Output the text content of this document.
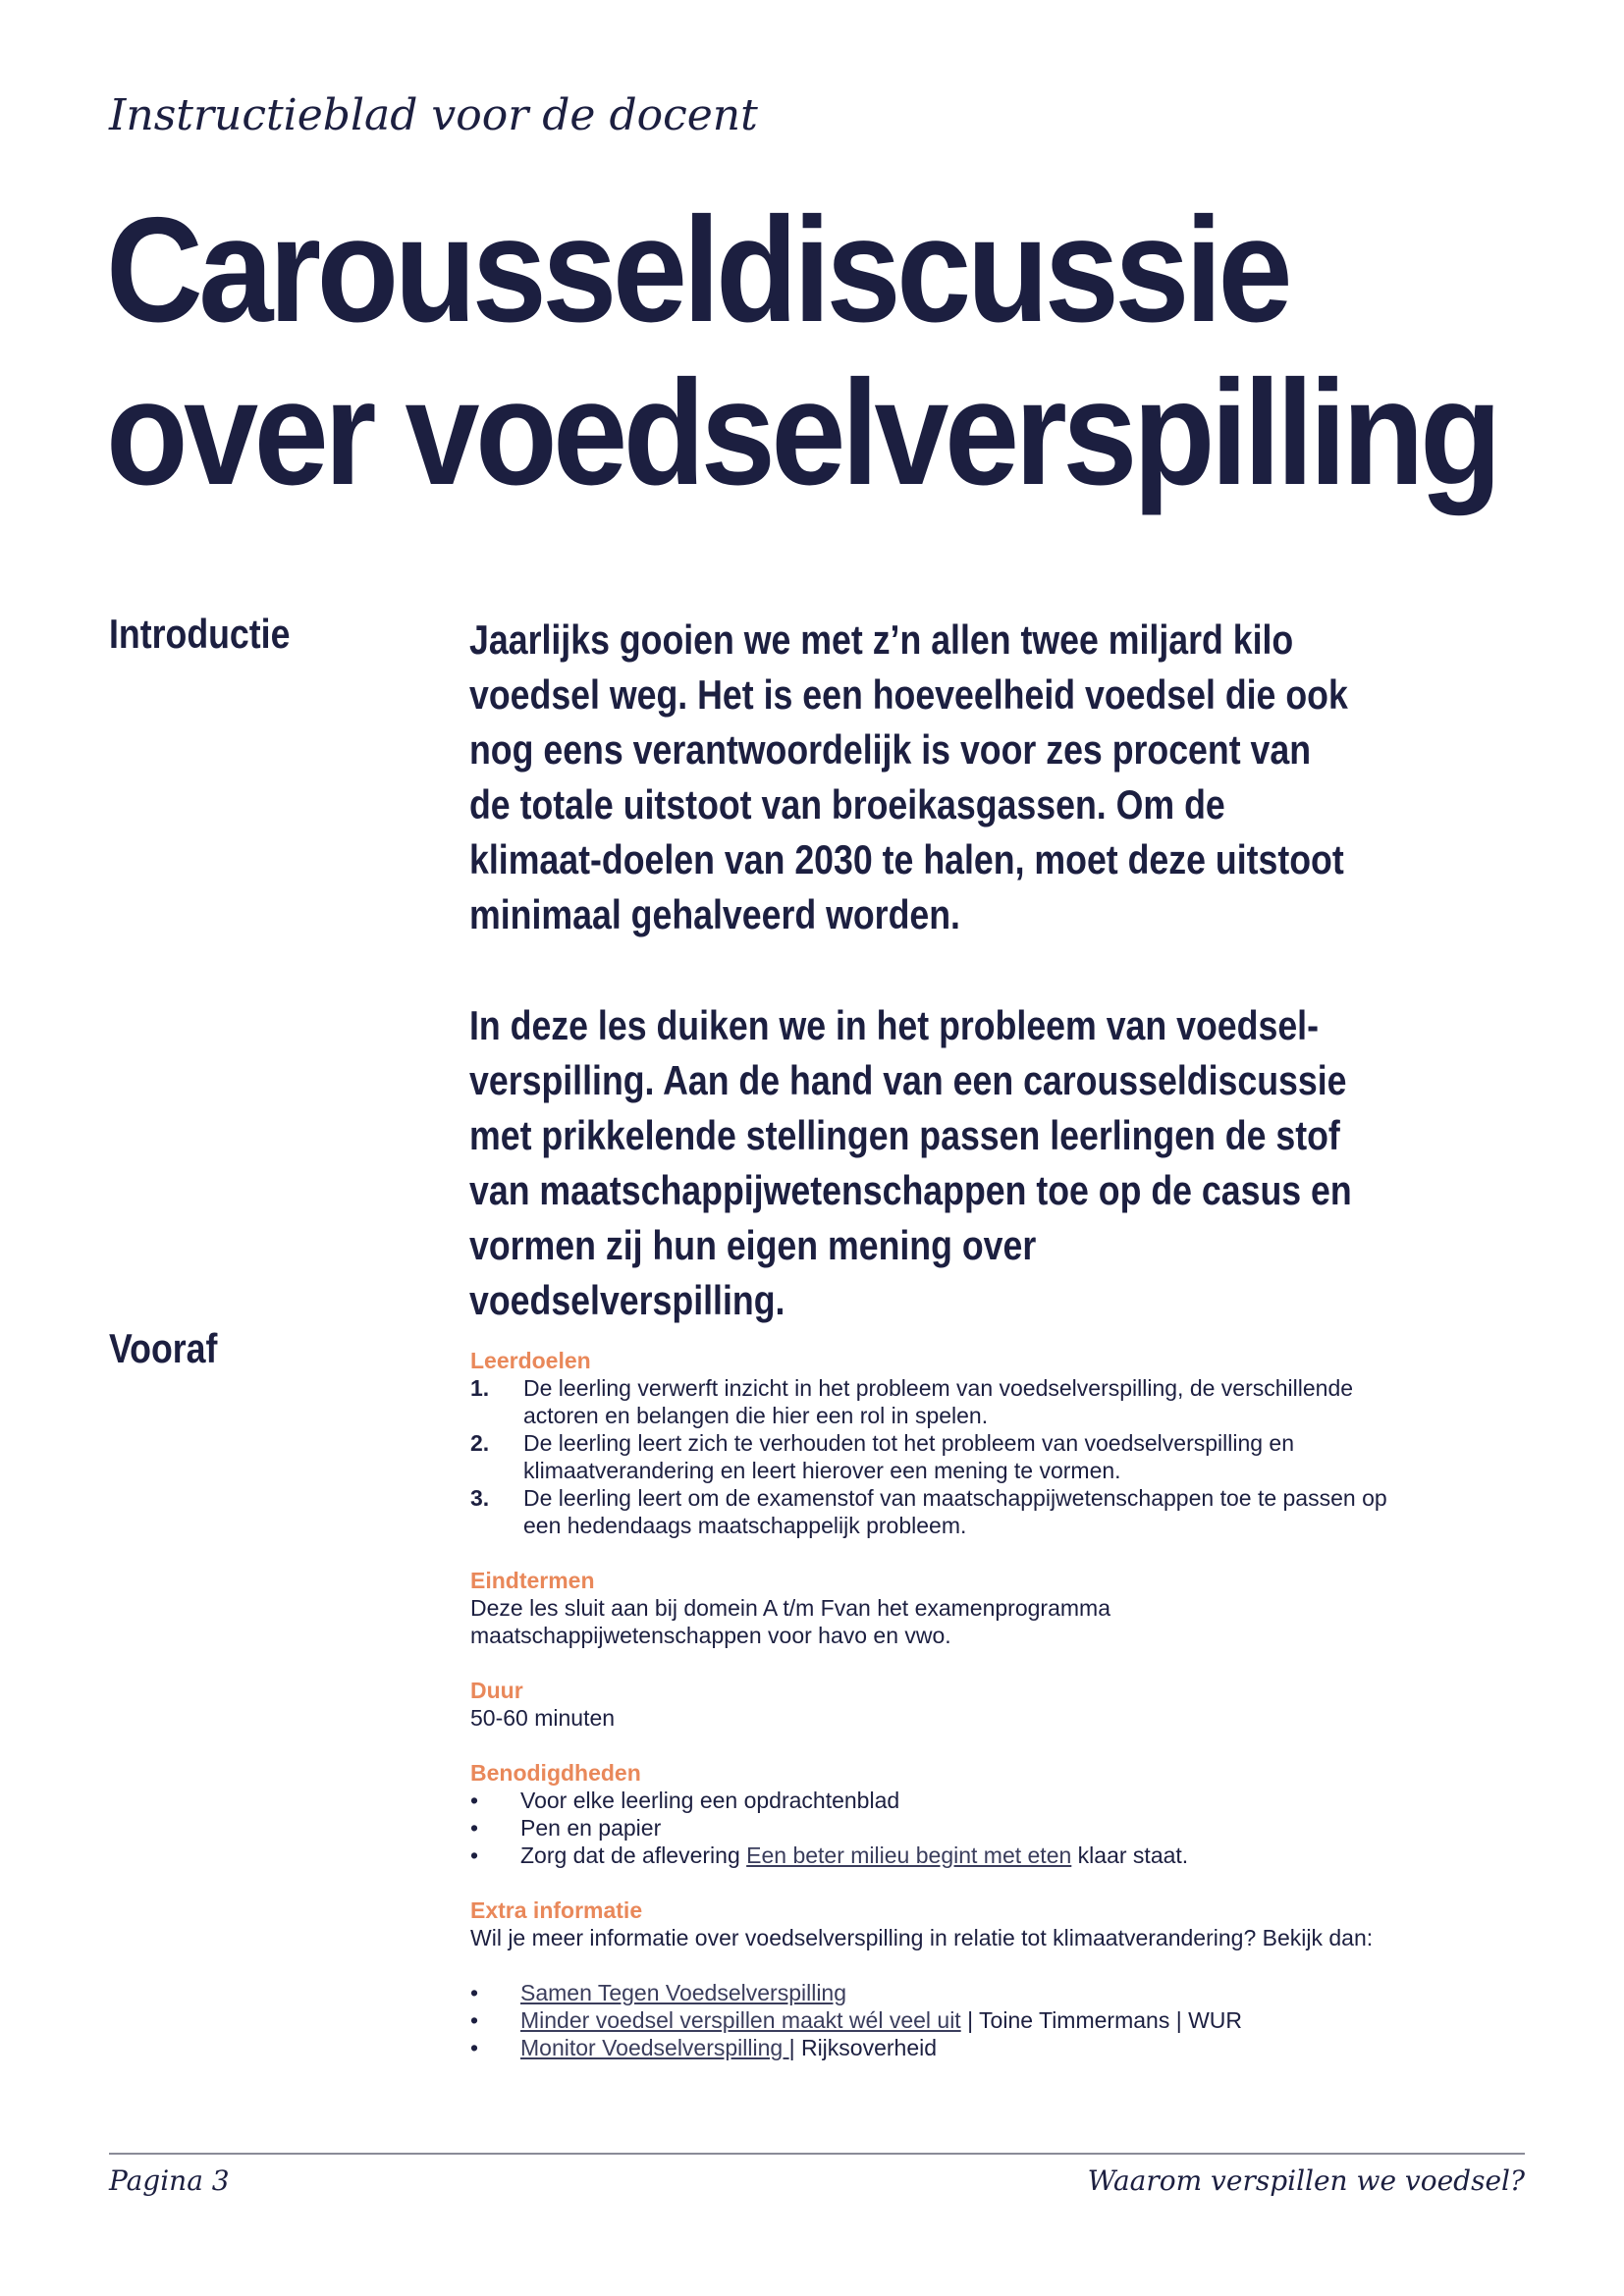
Instructieblad voor de docent
Carousseldiscussie
over voedselverspilling
Introductie	Jaarlijks gooien we met z’n allen twee miljard kilo voedsel weg. Het is een hoeveelheid voedsel die ook nog eens verantwoordelijk is voor zes procent van de totale uitstoot van broeikasgassen. Om de klimaat-doelen van 2030 te halen, moet deze uitstoot minimaal gehalveerd worden.

In deze les duiken we in het probleem van voedsel-verspilling. Aan de hand van een carousseldiscussie met prikkelende stellingen passen leerlingen de stof van maatschappijwetenschappen toe op de casus en vormen zij hun eigen mening over voedselverspilling.

Vooraf	Leerdoelen

1. De leerling verwerft inzicht in het probleem van voedselverspilling, de verschillende actoren en belangen die hier een rol in spelen.
2. De leerling leert zich te verhouden tot het probleem van voedselverspilling en klimaatverandering en leert hierover een mening te vormen.
3. De leerling leert om de examenstof van maatschappijwetenschappen toe te passen op een hedendaags maatschappelijk probleem.

Eindtermen

Deze les sluit aan bij domein A t/m Fvan het examenprogramma maatschappijwetenschappen voor havo en vwo.

Duur

50-60 minuten

Benodigdheden

• Voor elke leerling een opdrachtenblad
• Pen en papier
• Zorg dat de aflevering Een beter milieu begint met eten klaar staat.

Extra informatie

Wil je meer informatie over voedselverspilling in relatie tot klimaatverandering? Bekijk dan:

• Samen Tegen Voedselverspilling
• Minder voedsel verspillen maakt wél veel uit | Toine Timmermans | WUR
• Monitor Voedselverspilling | Rijksoverheid
Pagina 3	Waarom verspillen we voedsel?
